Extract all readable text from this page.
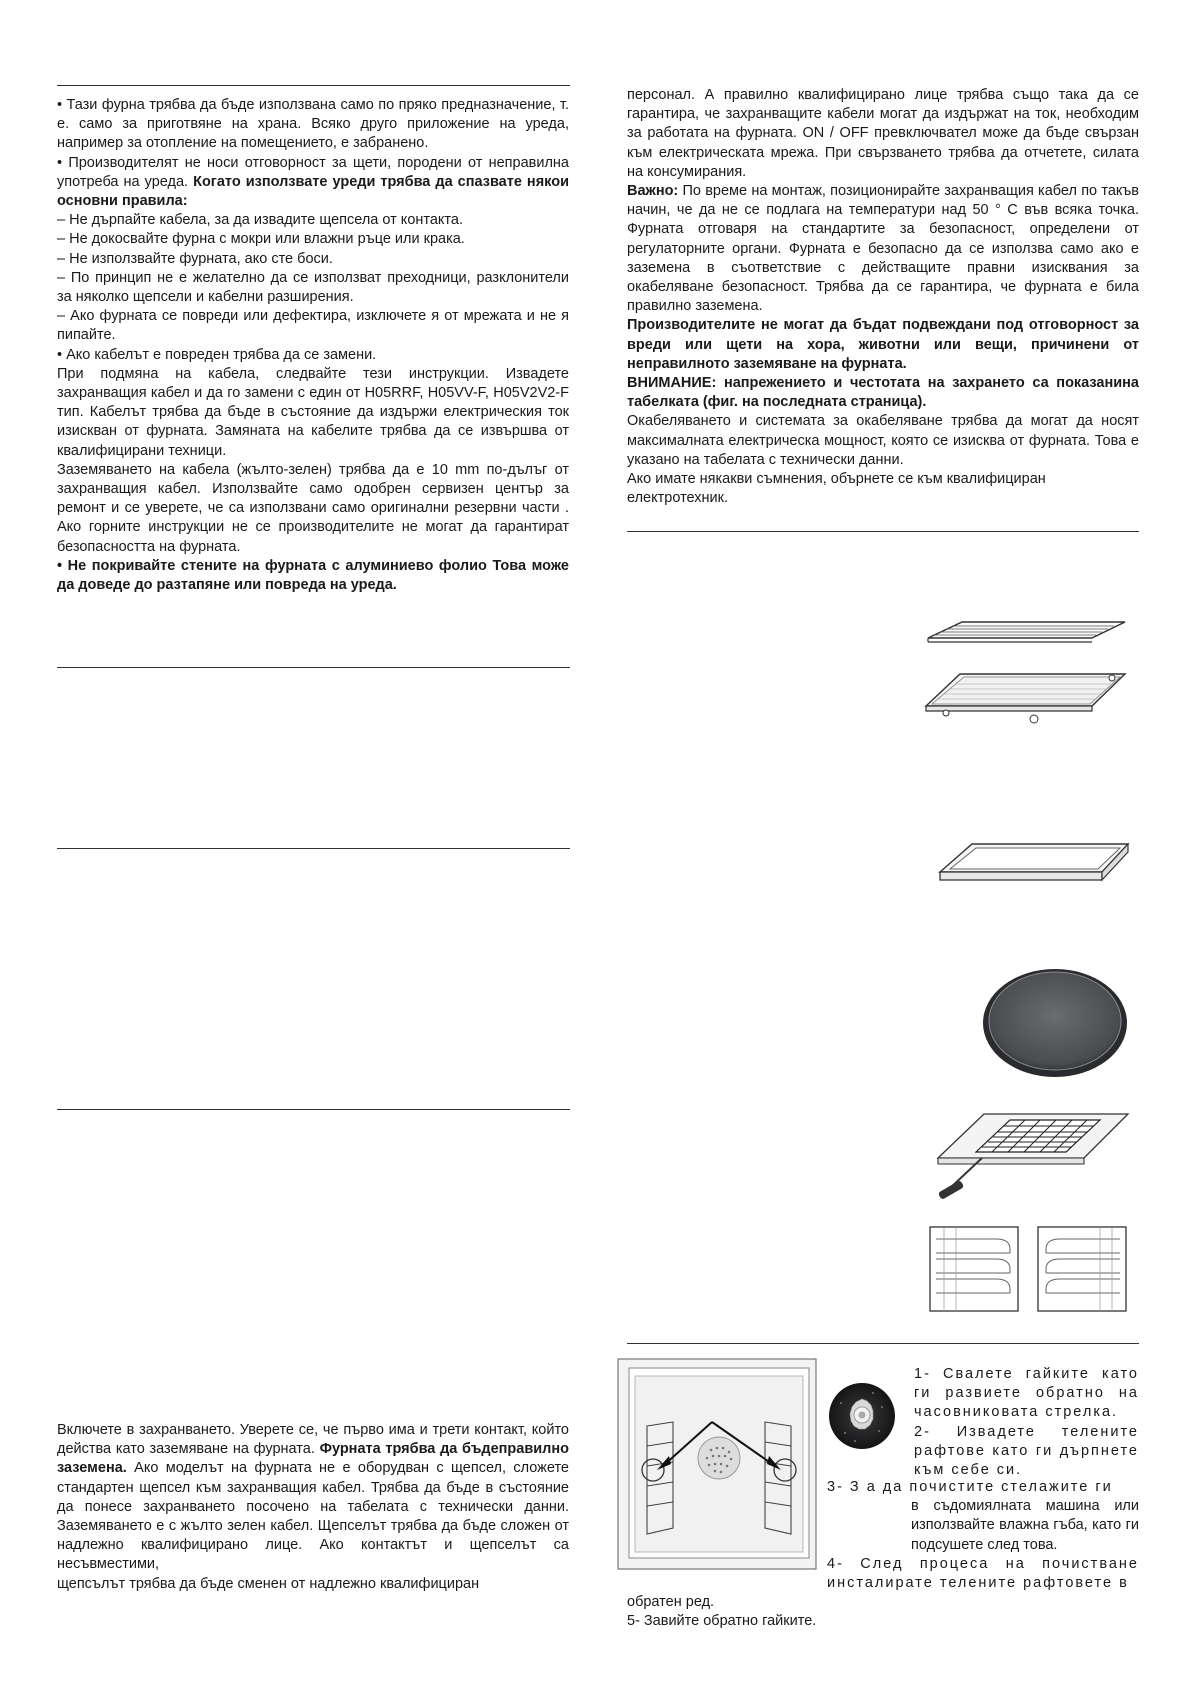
• Тази фурна трябва да бъде използвана само по пряко предназначение, т. е. само за приготвяне на храна. Всяко друго приложение на уреда, например за отопление на помещението, е забранено.

• Производителят не носи отговорност за щети, породени от неправилна употреба на уреда. Когато използвате уреди трябва да спазвате някои основни правила:

– Не дърпайте кабела, за да извадите щепсела от контакта.

– Не докосвайте фурна с мокри или влажни ръце или крака.

– Не използвайте фурната, ако сте боси.

– По принцип не е желателно да се използват преходници, разклонители за няколко щепсели и кабелни разширения.

– Ако фурната се повреди или дефектира, изключете я от мрежата и не я пипайте.

• Ако кабелът е повреден трябва да се замени.

При подмяна на кабела, следвайте тези инструкции. Извадете захранващия кабел и да го замени с един от H05RRF, H05VV-F, H05V2V2-F тип. Кабелът трябва да бъде в състояние да издържи електрическия ток изискван от фурната. Замяната на кабелите трябва да се извършва от квалифицирани техници.

Заземяването на кабела (жълто-зелен) трябва да е 10 mm по-дълъг от захранващия кабел. Използвайте само одобрен сервизен център за ремонт и се уверете, че са използвани само оригинални резервни части . Ако горните инструкции не се производителите не могат да гарантират безопасността на фурната.

• Не покривайте стените на фурната с алуминиево фолио Това може да доведе до разтапяне или повреда на уреда.

Включете в захранването. Уверете се, че първо има и трети контакт, който действа като заземяване на фурната. Фурната трябва да бъдеправилно заземена. Ако моделът на фурната не е оборудван с щепсел, сложете стандартен щепсел към захранващия кабел. Трябва да бъде в състояние да понесе захранването посочено на табелата с технически данни. Заземяването е с жълто зелен кабел. Щепселът трябва да бъде сложен от надлежно квалифицирано лице. Ако контактът и щепселът са несъвместими,

щепсълът трябва да бъде сменен от надлежно квалифициран

персонал. А правилно квалифицирано лице трябва също така да се гарантира, че захранващите кабели могат да издържат на ток, необходим за работата на фурната. ON / OFF превключвател може да бъде свързан към електрическата мрежа. При свързването трябва да отчетете, силата на консумирания.

Важно: По време на монтаж, позиционирайте захранващия кабел по такъв начин, че да не се подлага на температури над 50 ° С във всяка точка. Фурната отговаря на стандартите за безопасност, определени от регулаторните органи. Фурната е безопасно да се използва само ако е заземена в съответствие с действащите правни изисквания за окабеляване безопасност. Трябва да се гарантира, че фурната е била правилно заземена.

Производителите не могат да бъдат подвеждани под отговорност за вреди или щети на хора, животни или вещи, причинени от неправилното заземяване на фурната.

ВНИМАНИЕ: напрежението и честотата на захрането са показанина табелката (фиг. на последната страница).

Окабеляването и системата за окабеляване трябва да могат да носят максималната електрическа мощност, която се изисква от фурната. Това е указано на табелата с технически данни.

Ако имате някакви съмнения, обърнете се към квалифициран електротехник.

1- Свалете гайките като ги развиете обратно на часовниковата стрелка.

2- Извадете телените рафтове като ги дърпнете към себе си.

3- З а да почистите стелажите ги

в съдомиялната машина или използвайте влажна гъба, като ги подсушете след това.

4- След процеса на почистване инсталирате телените рафтовете в

обратен ред.

5- Завийте обратно гайките.
